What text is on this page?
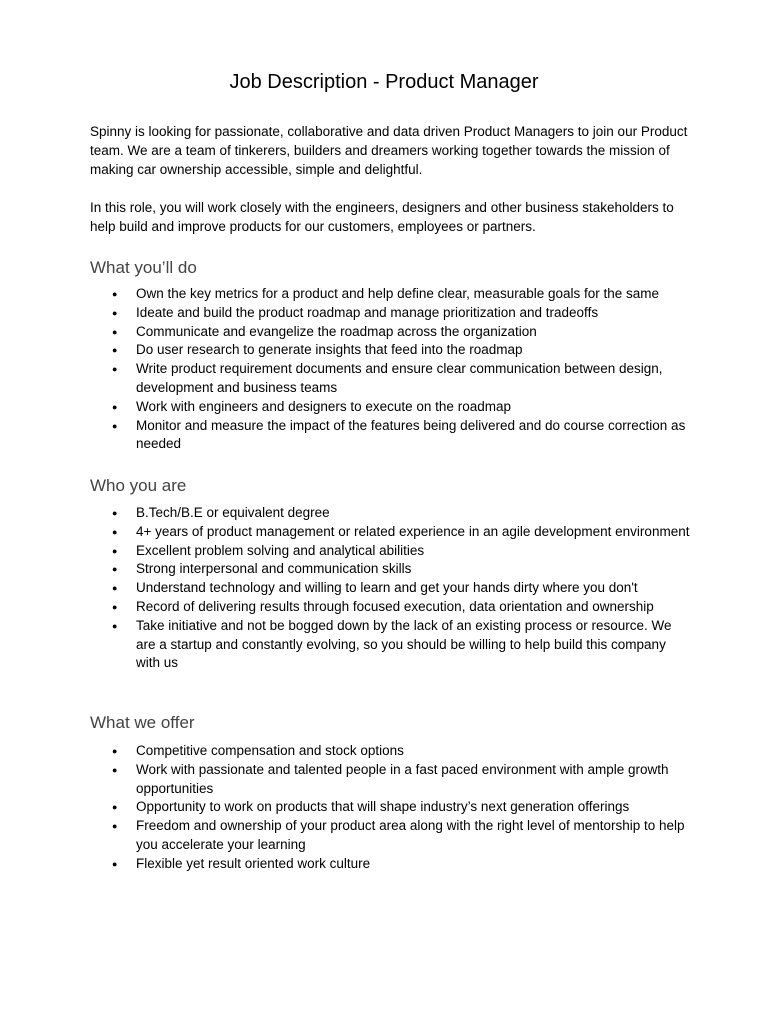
Job Description - Product Manager

Spinny is looking for passionate, collaborative and data driven Product Managers to join our Product team. We are a team of tinkerers, builders and dreamers working together towards the mission of making car ownership accessible, simple and delightful.

In this role, you will work closely with the engineers, designers and other business stakeholders to help build and improve products for our customers, employees or partners.

What you’ll do
● Own the key metrics for a product and help define clear, measurable goals for the same
● Ideate and build the product roadmap and manage prioritization and tradeoffs
● Communicate and evangelize the roadmap across the organization
● Do user research to generate insights that feed into the roadmap
● Write product requirement documents and ensure clear communication between design, development and business teams
● Work with engineers and designers to execute on the roadmap
● Monitor and measure the impact of the features being delivered and do course correction as needed
Who you are
● B.Tech/B.E or equivalent degree
● 4+ years of product management or related experience in an agile development environment
● Excellent problem solving and analytical abilities
● Strong interpersonal and communication skills
● Understand technology and willing to learn and get your hands dirty where you don't
● Record of delivering results through focused execution, data orientation and ownership
● Take initiative and not be bogged down by the lack of an existing process or resource. We are a startup and constantly evolving, so you should be willing to help build this company with us
What we offer
● Competitive compensation and stock options
● Work with passionate and talented people in a fast paced environment with ample growth opportunities
● Opportunity to work on products that will shape industry’s next generation offerings
● Freedom and ownership of your product area along with the right level of mentorship to help you accelerate your learning
● Flexible yet result oriented work culture
